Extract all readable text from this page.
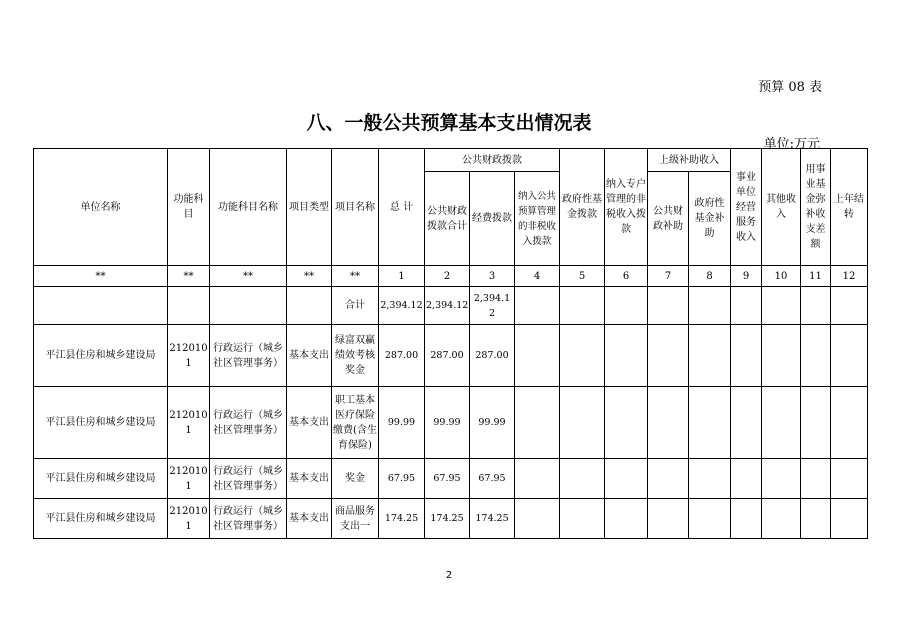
预算 08 表
八、一般公共预算基本支出情况表
单位:万元
单位名称	功能科目	功能科目名称	项目类型	项目名称	总 计	公共财政拨款			政府性基金拨款	纳入专户管理的非税收入拨款	上级补助收入		事业单位经营服务收入	其他收入	用事业基金弥补收支差额	上年结转
						公共财政拨款合计	经费拨款	纳入公共预算管理的非税收入拨款			公共财政补助	政府性基金补助				
**	**	**	**	**	1	2	3	4	5	6	7	8	9	10	11	12
				合计	2,394.12	2,394.12	2,394.12									
平江县住房和城乡建设局	2120101	行政运行（城乡社区管理事务）	基本支出	绿富双赢绩效考核奖金	287.00	287.00	287.00									
平江县住房和城乡建设局	2120101	行政运行（城乡社区管理事务）	基本支出	职工基本医疗保险缴费(含生育保险)	99.99	99.99	99.99									
平江县住房和城乡建设局	2120101	行政运行（城乡社区管理事务）	基本支出	奖金	67.95	67.95	67.95									
平江县住房和城乡建设局	2120101	行政运行（城乡社区管理事务）	基本支出	商品服务支出一	174.25	174.25	174.25									
2
